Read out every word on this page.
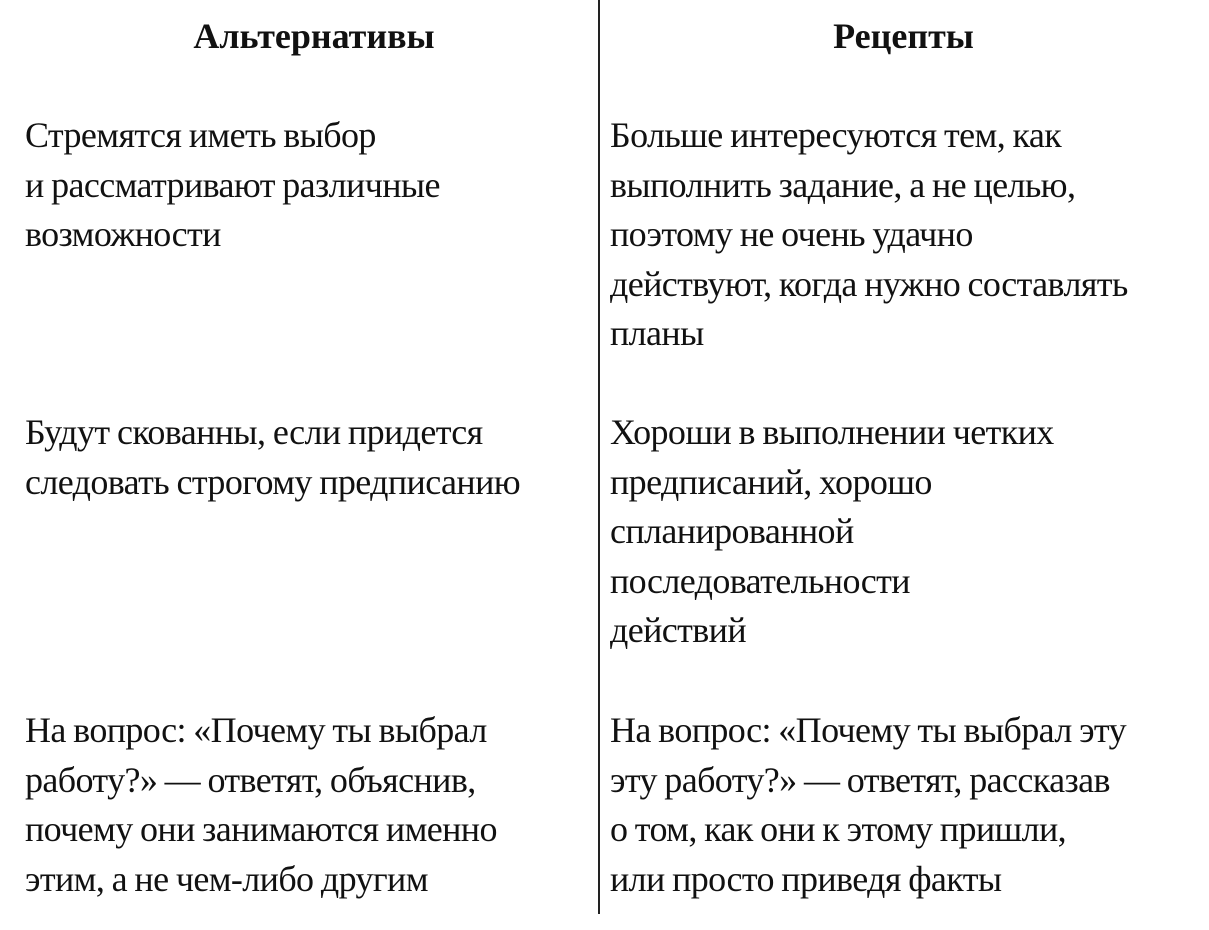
Альтернативы	Рецепты

Стремятся иметь выбор
и рассматривают различные
возможности

Больше интересуются тем, как
выполнить задание, а не целью,
поэтому не очень удачно
действуют, когда нужно составлять
планы

Будут скованны, если придется
следовать строгому предписанию

Хороши в выполнении четких
предписаний, хорошо
спланированной
последовательности
действий

На вопрос: «Почему ты выбрал
работу?» — ответят, объяснив,
почему они занимаются именно
этим, а не чем-либо другим

На вопрос: «Почему ты выбрал эту
эту работу?» — ответят, рассказав
о том, как они к этому пришли,
или просто приведя факты
